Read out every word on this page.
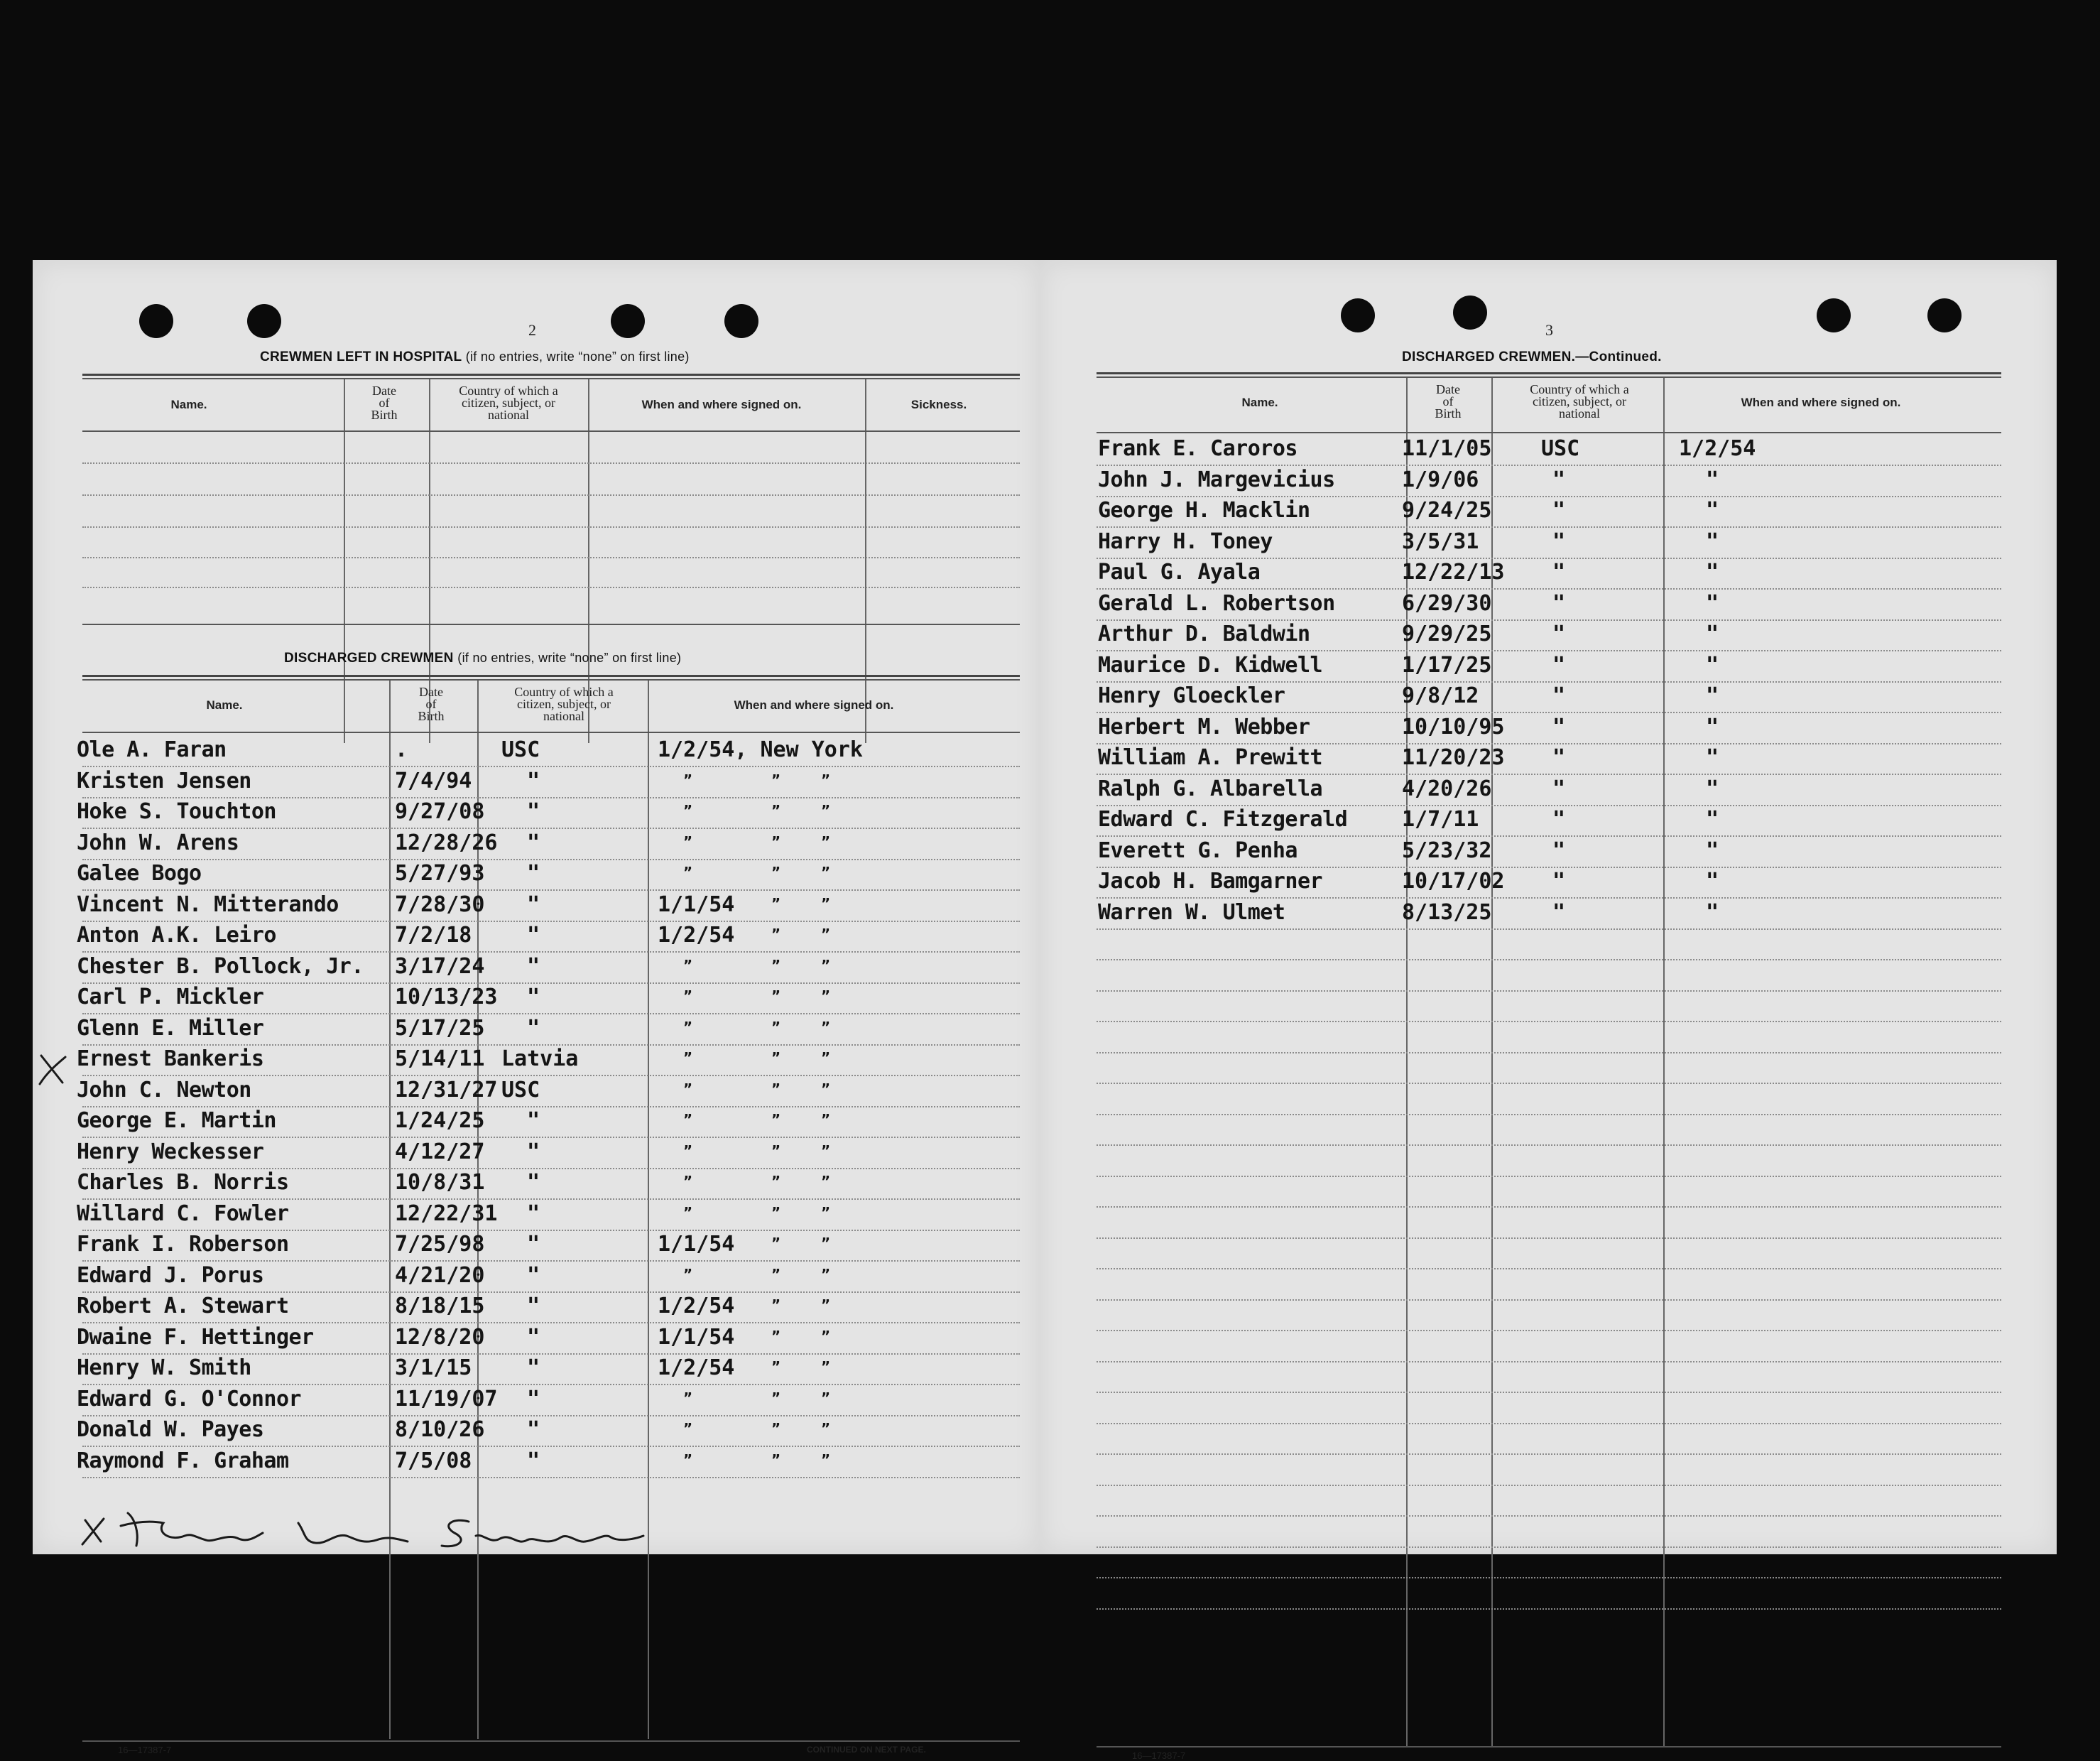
2
CREWMEN LEFT IN HOSPITAL (if no entries, write “none” on first line)
Name.
Date
of
Birth
Country of which a
citizen, subject, or
national
When and where signed on.	Sickness.
DISCHARGED CREWMEN (if no entries, write “none” on first line)
Name.
Date
of
Birth
Country of which a
citizen, subject, or
national
When and where signed on.
Ole A. Faran	.	USC	1/2/54, New York
Kristen Jensen	7/4/94	"	”	”	”
Hoke S. Touchton	9/27/08 "	”	”	”
John W. Arens	12/28/26 "	”	”	”
Galee Bogo	5/27/93 "	”	”	”
Vincent N. Mitterando	7/28/30 "	1/1/54	”	”
Anton A.K. Leiro	7/2/18	"	1/2/54	”	”
Chester B. Pollock, Jr. 3/17/24 "	”	”	”
Carl P. Mickler	10/13/23 "	”	”	”
Glenn E. Miller	5/17/25 "	”	”	”
Ernest Bankeris	5/14/11 Latvia	”	”	”
John C. Newton	12/31/27 USC	”	”	”
George E. Martin	1/24/25 "	”	”	”
Henry Weckesser	4/12/27 "	”	”	”
Charles B. Norris	10/8/31 "	”	”	”
Willard C. Fowler	12/22/31 "	”	”	”
Frank I. Roberson	7/25/98 "	1/1/54	”	”
Edward J. Porus	4/21/20 "	”	”	”
Robert A. Stewart	8/18/15 "	1/2/54	”	”
Dwaine F. Hettinger	12/8/20 "	1/1/54	”	”
Henry W. Smith	3/1/15	"	1/2/54	”	”
Edward G. O'Connor	11/19/07 "	”	”	”
Donald W. Payes	8/10/26 "	”	”	”
Raymond F. Graham	7/5/08	"	”	”	”
16—17387-7	CONTINUED ON NEXT PAGE.
3
DISCHARGED CREWMEN.—Continued.
Name.
Date
of
Birth
Country of which a
citizen, subject, or
national
When and where signed on.
Frank E. Caroros	11/1/05 USC	1/2/54
John J. Margevicius	1/9/06	"	"
George H. Macklin	9/24/25	"	"
Harry H. Toney	3/5/31	"	"
Paul G. Ayala	12/22/13 "	"
Gerald L. Robertson	6/29/30	"	"
Arthur D. Baldwin	9/29/25	"	"
Maurice D. Kidwell	1/17/25	"	"
Henry Gloeckler	9/8/12	"	"
Herbert M. Webber	10/10/95 "	"
William A. Prewitt	11/20/23 "	"
Ralph G. Albarella	4/20/26	"	"
Edward C. Fitzgerald	1/7/11	"	"
Everett G. Penha	5/23/32	"	"
Jacob H. Bamgarner	10/17/02 "	"
Warren W. Ulmet	8/13/25	"	"
16—17387-7
